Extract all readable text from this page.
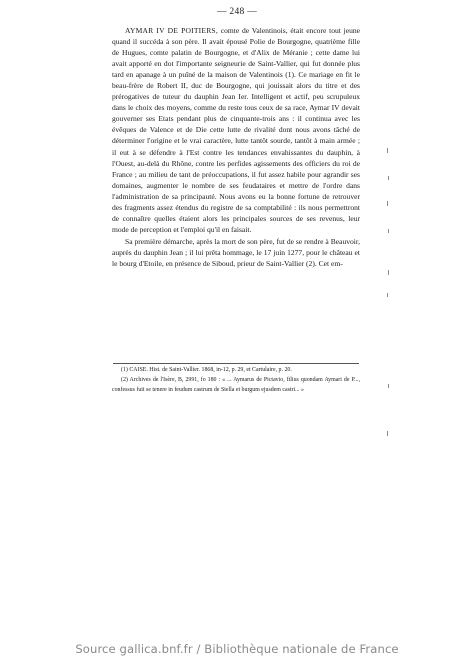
— 248 —

AYMAR IV DE POITIERS, comte de Valentinois, était encore tout jeune quand il succéda à son père. Il avait épousé Polie de Bourgogne, quatrième fille de Hugues, comte palatin de Bourgogne, et d'Alix de Méranie ; cette dame lui avait apporté en dot l'importante seigneurie de Saint-Vallier, qui fut donnée plus tard en apanage à un puîné de la maison de Valentinois (1). Ce mariage en fit le beau-frère de Robert II, duc de Bourgogne, qui jouissait alors du titre et des prérogatives de tuteur du dauphin Jean Ier. Intelligent et actif, peu scrupuleux dans le choix des moyens, comme du reste tous ceux de sa race, Aymar IV devait gouverner ses Etats pendant plus de cinquante-trois ans : il continua avec les évêques de Valence et de Die cette lutte de rivalité dont nous avons tâché de déterminer l'origine et le vrai caractère, lutte tantôt sourde, tantôt à main armée ; il eut à se défendre à l'Est contre les tendances envahissantes du dauphin, à l'Ouest, au-delà du Rhône, contre les perfides agissements des officiers du roi de France ; au milieu de tant de préoccupations, il fut assez habile pour agrandir ses domaines, augmenter le nombre de ses feudataires et mettre de l'ordre dans l'administration de sa principauté. Nous avons eu la bonne fortune de retrouver des fragments assez étendus du registre de sa comptabilité : ils nous permettront de connaître quelles étaient alors les principales sources de ses revenus, leur mode de perception et l'emploi qu'il en faisait.

Sa première démarche, après la mort de son père, fut de se rendre à Beauvoir, auprès du dauphin Jean ; il lui prêta hommage, le 17 juin 1277, pour le château et le bourg d'Etoile, en présence de Siboud, prieur de Saint-Vallier (2). Cet em-

(1) CAISE. Hist. de Saint-Vallier. 1868, in-12, p. 29, et Cartulaire, p. 20.

(2) Archives de l'Isère, B, 2991, fo 180 : « ... Aymarus de Pictavio, filius quondam Aymari de P..., confessus fuit se tenere in feudum castrum de Stella et burgum ejusdem castri... »

Source gallica.bnf.fr / Bibliothèque nationale de France
